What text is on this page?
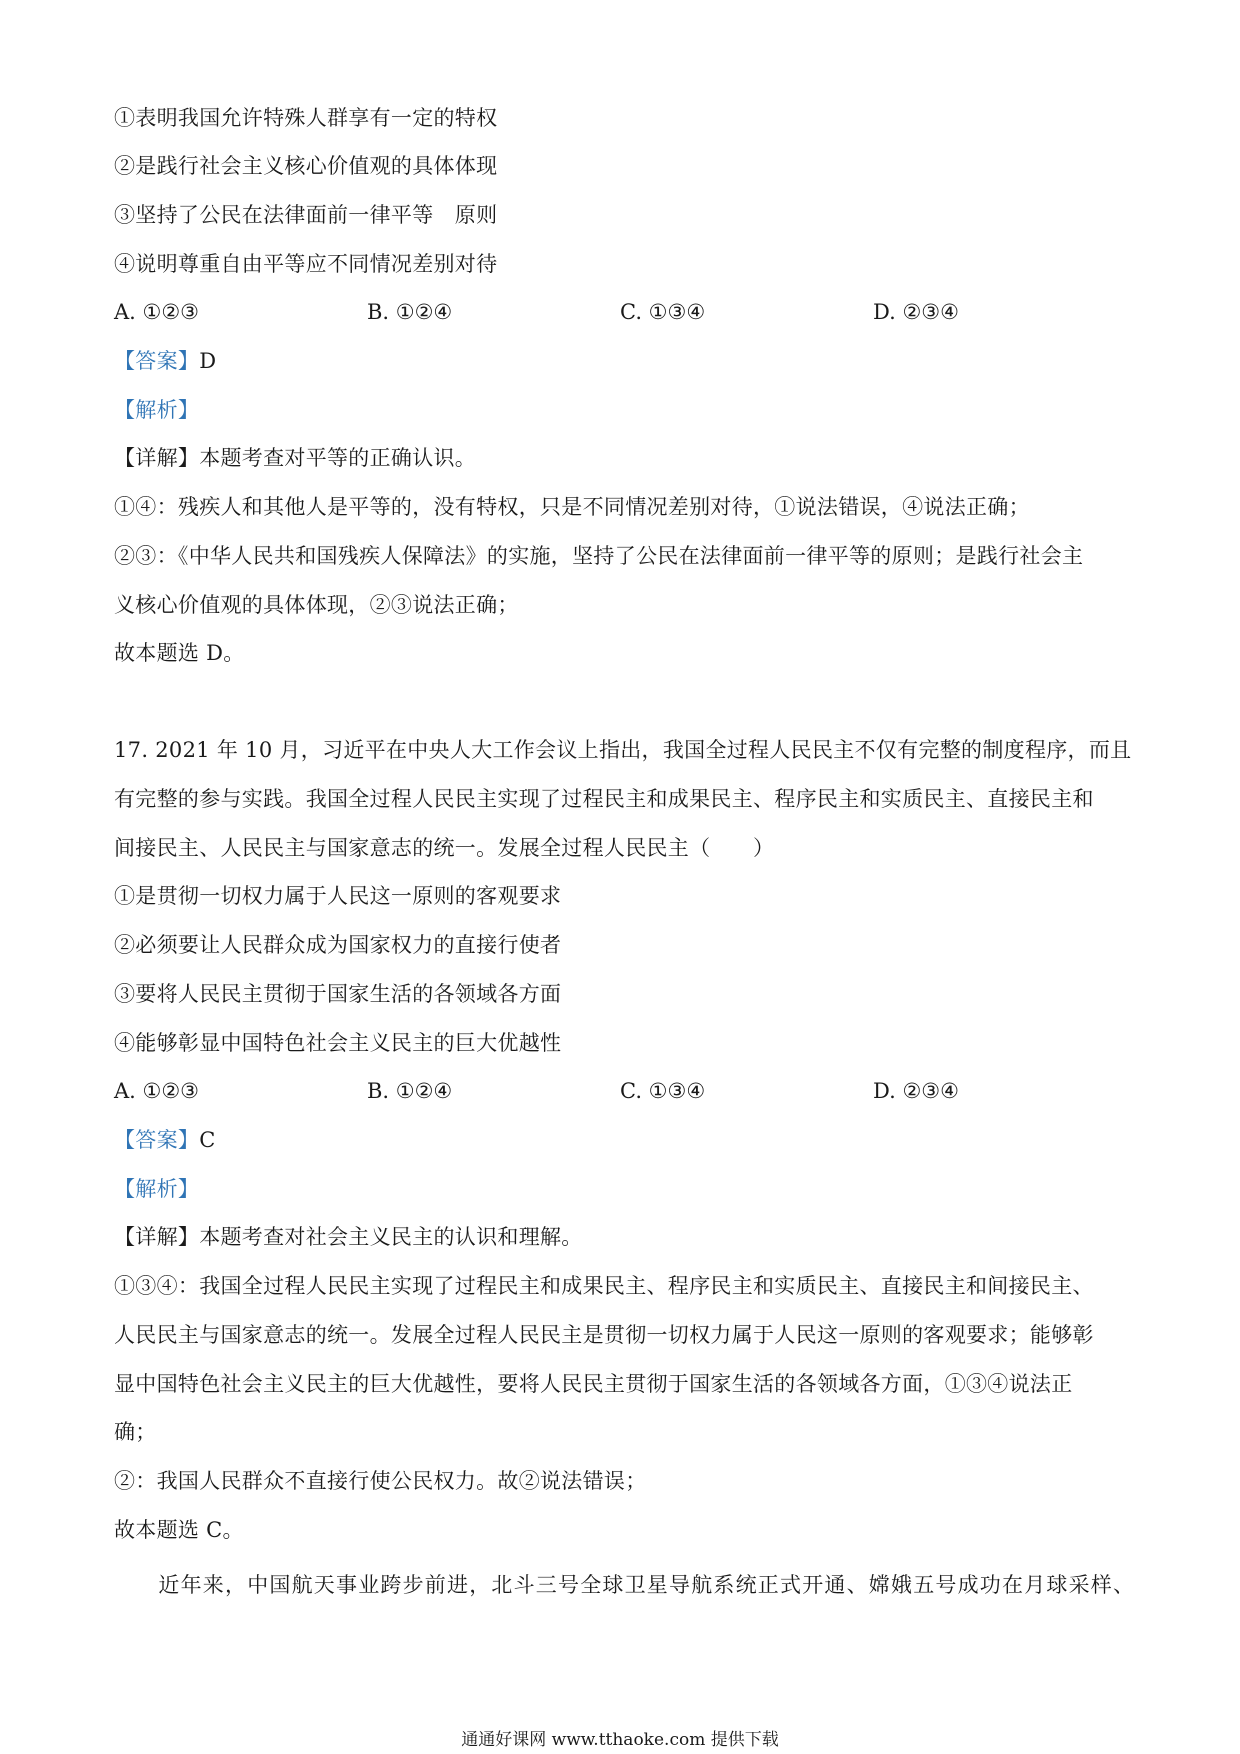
①表明我国允许特殊人群享有一定的特权
②是践行社会主义核心价值观的具体体现
③坚持了公民在法律面前一律平等　原则
④说明尊重自由平等应不同情况差别对待
A. ①②③	B. ①②④	C. ①③④	D. ②③④
【答案】D
【解析】
【详解】本题考查对平等的正确认识。
①④：残疾人和其他人是平等的，没有特权，只是不同情况差别对待，①说法错误，④说法正确；
②③：《中华人民共和国残疾人保障法》的实施，坚持了公民在法律面前一律平等的原则；是践行社会主
义核心价值观的具体体现，②③说法正确；
故本题选 D。
17. 2021 年 10 月，习近平在中央人大工作会议上指出，我国全过程人民民主不仅有完整的制度程序，而且
有完整的参与实践。我国全过程人民民主实现了过程民主和成果民主、程序民主和实质民主、直接民主和
间接民主、人民民主与国家意志的统一。发展全过程人民民主（　　）
①是贯彻一切权力属于人民这一原则的客观要求
②必须要让人民群众成为国家权力的直接行使者
③要将人民民主贯彻于国家生活的各领域各方面
④能够彰显中国特色社会主义民主的巨大优越性
A. ①②③	B. ①②④	C. ①③④	D. ②③④
【答案】C
【解析】
【详解】本题考查对社会主义民主的认识和理解。
①③④：我国全过程人民民主实现了过程民主和成果民主、程序民主和实质民主、直接民主和间接民主、
人民民主与国家意志的统一。发展全过程人民民主是贯彻一切权力属于人民这一原则的客观要求；能够彰
显中国特色社会主义民主的巨大优越性，要将人民民主贯彻于国家生活的各领域各方面，①③④说法正
确；
②：我国人民群众不直接行使公民权力。故②说法错误；
故本题选 C。
　　近年来，中国航天事业跨步前进，北斗三号全球卫星导航系统正式开通、嫦娥五号成功在月球采样、
通通好课网 www.tthaoke.com 提供下载
